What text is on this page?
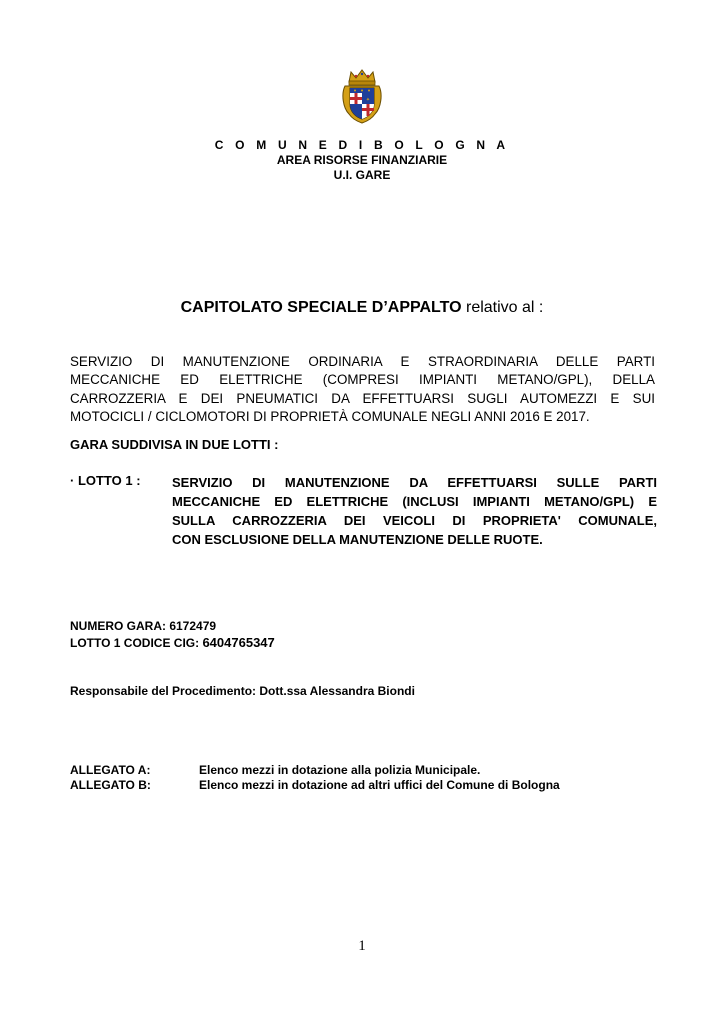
✦
C O M U N E D I B O L O G N A
AREA RISORSE FINANZIARIE
U.I. GARE
CAPITOLATO SPECIALE D’APPALTO relativo al :
SERVIZIO DI MANUTENZIONE ORDINARIA E STRAORDINARIA DELLE PARTI
MECCANICHE ED ELETTRICHE (COMPRESI IMPIANTI METANO/GPL), DELLA
CARROZZERIA E DEI PNEUMATICI DA EFFETTUARSI SUGLI AUTOMEZZI E SUI
MOTOCICLI / CICLOMOTORI DI PROPRIETÀ COMUNALE NEGLI ANNI 2016 E 2017.
GARA SUDDIVISA IN DUE LOTTI :
· LOTTO 1 : SERVIZIO DI MANUTENZIONE DA EFFETTUARSI SULLE PARTI
MECCANICHE ED ELETTRICHE (INCLUSI IMPIANTI METANO/GPL) E
SULLA CARROZZERIA DEI VEICOLI DI PROPRIETA' COMUNALE,
CON ESCLUSIONE DELLA MANUTENZIONE DELLE RUOTE.
NUMERO GARA: 6172479
LOTTO 1 CODICE CIG: 6404765347
Responsabile del Procedimento: Dott.ssa Alessandra Biondi
ALLEGATO A:	Elenco mezzi in dotazione alla polizia Municipale.
ALLEGATO B:	Elenco mezzi in dotazione ad altri uffici del Comune di Bologna
1
